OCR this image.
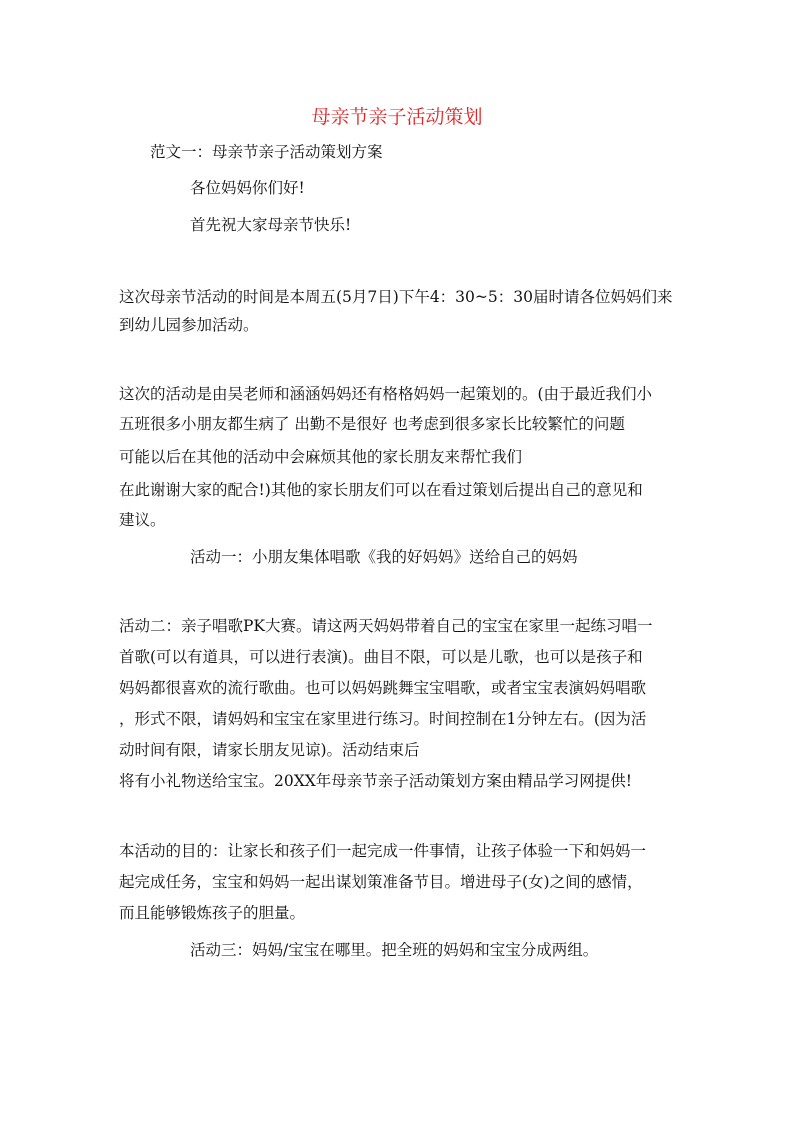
母亲节亲子活动策划

范文一：母亲节亲子活动策划方案

各位妈妈你们好!

首先祝大家母亲节快乐!

这次母亲节活动的时间是本周五(5月7日)下午4：30~5：30届时请各位妈妈们来

到幼儿园参加活动。

这次的活动是由吴老师和涵涵妈妈还有格格妈妈一起策划的。(由于最近我们小

五班很多小朋友都生病了 出勤不是很好 也考虑到很多家长比较繁忙的问题

可能以后在其他的活动中会麻烦其他的家长朋友来帮忙我们

在此谢谢大家的配合!)其他的家长朋友们可以在看过策划后提出自己的意见和

建议。

活动一：小朋友集体唱歌《我的好妈妈》送给自己的妈妈

活动二：亲子唱歌PK大赛。请这两天妈妈带着自己的宝宝在家里一起练习唱一

首歌(可以有道具，可以进行表演)。曲目不限，可以是儿歌，也可以是孩子和

妈妈都很喜欢的流行歌曲。也可以妈妈跳舞宝宝唱歌，或者宝宝表演妈妈唱歌

，形式不限，请妈妈和宝宝在家里进行练习。时间控制在1分钟左右。(因为活

动时间有限，请家长朋友见谅)。活动结束后

将有小礼物送给宝宝。20XX年母亲节亲子活动策划方案由精品学习网提供!

本活动的目的：让家长和孩子们一起完成一件事情，让孩子体验一下和妈妈一

起完成任务，宝宝和妈妈一起出谋划策准备节目。增进母子(女)之间的感情，

而且能够锻炼孩子的胆量。

活动三：妈妈/宝宝在哪里。把全班的妈妈和宝宝分成两组。
